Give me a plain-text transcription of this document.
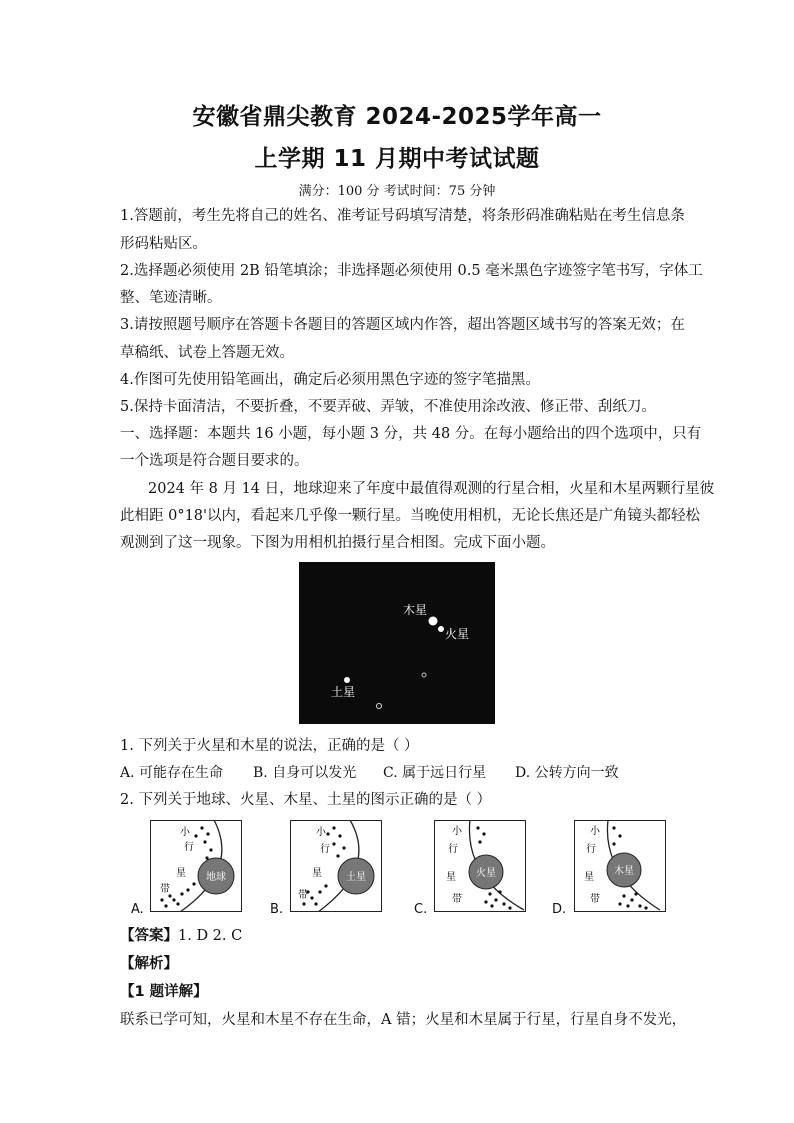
安徽省鼎尖教育 2024-2025学年高一
上学期 11 月期中考试试题
满分：100 分 考试时间：75 分钟
1.答题前，考生先将自己的姓名、准考证号码填写清楚，将条形码准确粘贴在考生信息条
形码粘贴区。
2.选择题必须使用 2B 铅笔填涂；非选择题必须使用 0.5 毫米黑色字迹签字笔书写，字体工
整、笔迹清晰。
3.请按照题号顺序在答题卡各题目的答题区域内作答，超出答题区域书写的答案无效；在
草稿纸、试卷上答题无效。
4.作图可先使用铅笔画出，确定后必须用黑色字迹的签字笔描黑。
5.保持卡面清洁，不要折叠，不要弄破、弄皱，不准使用涂改液、修正带、刮纸刀。
一、选择题：本题共 16 小题，每小题 3 分，共 48 分。在每小题给出的四个选项中，只有
一个选项是符合题目要求的。
2024 年 8 月 14 日，地球迎来了年度中最值得观测的行星合相，火星和木星两颗行星彼
此相距 0°18'以内，看起来几乎像一颗行星。当晚使用相机，无论长焦还是广角镜头都轻松
观测到了这一现象。下图为用相机拍摄行星合相图。完成下面小题。
木星
火星
土星
1. 下列关于火星和木星的说法，正确的是（ ）
A. 可能存在生命 B. 自身可以发光 C. 属于远日行星 D. 公转方向一致
2. 下列关于地球、火星、木星、土星的图示正确的是（ ）
A.
地球
小
行
星
带
B.
土星
小
行
星
带
C.
火星
小
行
星
带
D.
木星
小
行
星
带
【答案】1. D 2. C
【解析】
【1 题详解】
联系已学可知，火星和木星不存在生命，A 错；火星和木星属于行星，行星自身不发光，
